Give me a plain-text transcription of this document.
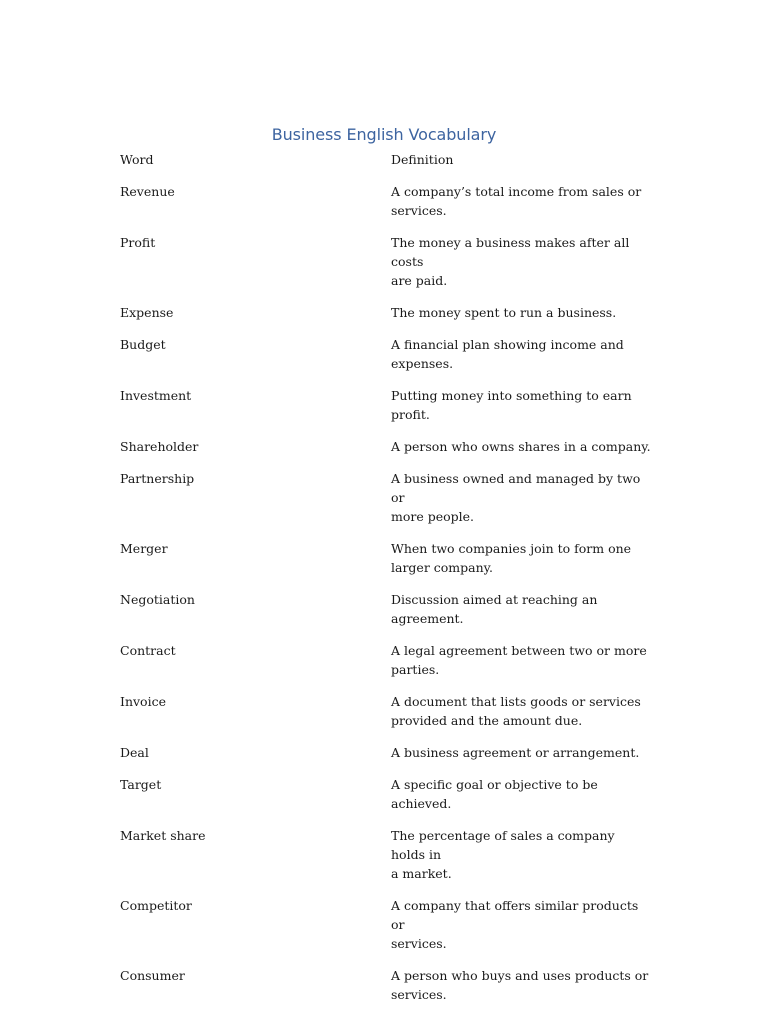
Business English Vocabulary
Word	Definition
Revenue	A company’s total income from sales or
services.
Profit	The money a business makes after all costs
are paid.
Expense	The money spent to run a business.
Budget	A financial plan showing income and
expenses.
Investment	Putting money into something to earn
profit.
Shareholder	A person who owns shares in a company.
Partnership	A business owned and managed by two or
more people.
Merger	When two companies join to form one
larger company.
Negotiation	Discussion aimed at reaching an
agreement.
Contract	A legal agreement between two or more
parties.
Invoice	A document that lists goods or services
provided and the amount due.
Deal	A business agreement or arrangement.
Target	A specific goal or objective to be achieved.
Market share	The percentage of sales a company holds in
a market.
Competitor	A company that offers similar products or
services.
Consumer	A person who buys and uses products or
services.
